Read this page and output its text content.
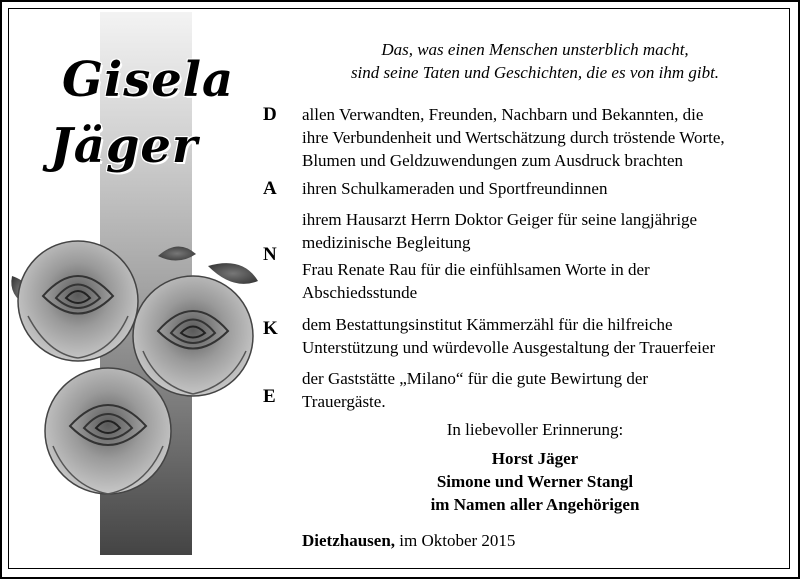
Gisela
Jäger
Das, was einen Menschen unsterblich macht,
sind seine Taten und Geschichten, die es von ihm gibt.
D
A
N
K
E
allen Verwandten, Freunden, Nachbarn und Bekannten, die
ihre Verbundenheit und Wertschätzung durch tröstende Worte,
Blumen und Geldzuwendungen zum Ausdruck brachten
ihren Schulkameraden und Sportfreundinnen
ihrem Hausarzt Herrn Doktor Geiger für seine langjährige
medizinische Begleitung
Frau Renate Rau für die einfühlsamen Worte in der
Abschiedsstunde
dem Bestattungsinstitut Kämmerzähl für die hilfreiche
Unterstützung und würdevolle Ausgestaltung der Trauerfeier
der Gaststätte „Milano“ für die gute Bewirtung der
Trauergäste.
In liebevoller Erinnerung:
Horst Jäger
Simone und Werner Stangl
im Namen aller Angehörigen
Dietzhausen, im Oktober 2015
